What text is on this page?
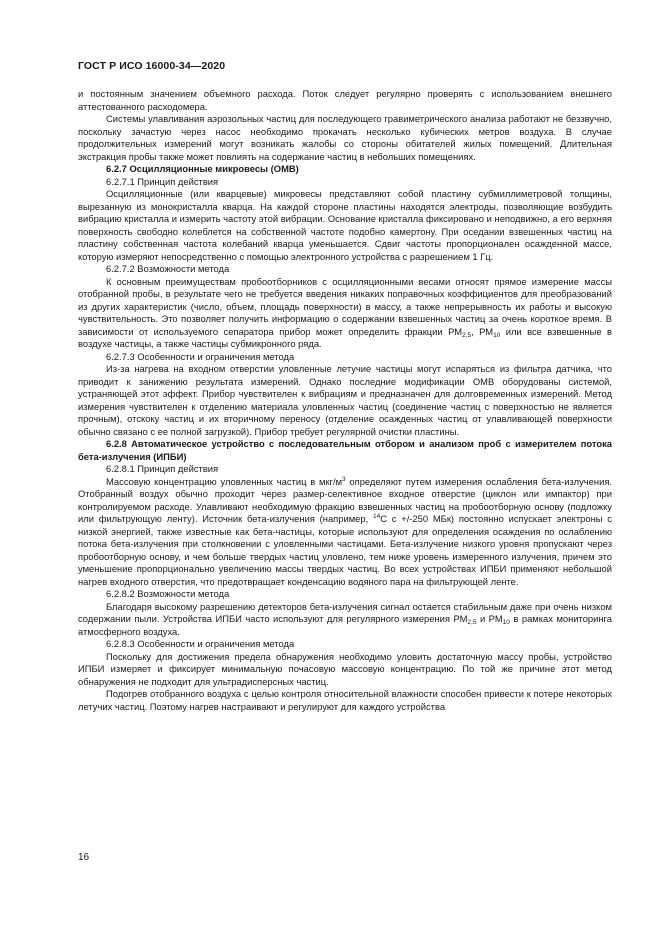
ГОСТ Р ИСО 16000-34—2020

и постоянным значением объемного расхода. Поток следует регулярно проверять с использованием внешнего аттестованного расходомера.

Системы улавливания аэрозольных частиц для последующего гравиметрического анализа работают не беззвучно, поскольку зачастую через насос необходимо прокачать несколько кубических метров воздуха. В случае продолжительных измерений могут возникать жалобы со стороны обитателей жилых помещений. Длительная экстракция пробы также может повлиять на содержание частиц в небольших помещениях.

6.2.7 Осцилляционные микровесы (ОМВ)

6.2.7.1 Принцип действия

Осцилляционные (или кварцевые) микровесы представляют собой пластину субмиллиметровой толщины, вырезанную из монокристалла кварца. На каждой стороне пластины находятся электроды, позволяющие возбудить вибрацию кристалла и измерить частоту этой вибрации. Основание кристалла фиксировано и неподвижно, а его верхняя поверхность свободно колеблется на собственной частоте подобно камертону. При оседании взвешенных частиц на пластину собственная частота колебаний кварца уменьшается. Сдвиг частоты пропорционален осажденной массе, которую измеряют непосредственно с помощью электронного устройства с разрешением 1 Гц.

6.2.7.2 Возможности метода

К основным преимуществам пробоотборников с осцилляционными весами относят прямое измерение массы отобранной пробы, в результате чего не требуется введения никаких поправочных коэффициентов для преобразований из других характеристик (число, объем, площадь поверхности) в массу, а также непрерывность их работы и высокую чувствительность. Это позволяет получить информацию о содержании взвешенных частиц за очень короткое время. В зависимости от используемого сепаратора прибор может определить фракции $РМ_{2,5}$, $РМ_{10}$ или все взвешенные в воздухе частицы, а также частицы субмикронного ряда.

6.2.7.3 Особенности и ограничения метода

Из-за нагрева на входном отверстии уловленные летучие частицы могут испаряться из фильтра датчика, что приводит к занижению результата измерений. Однако последние модификации ОМВ оборудованы системой, устраняющей этот эффект. Прибор чувствителен к вибрациям и предназначен для долговременных измерений. Метод измерения чувствителен к отделению материала уловленных частиц (соединение частиц с поверхностью не является прочным), отскоку частиц и их вторичному переносу (отделение осажденных частиц от улавливающей поверхности обычно связано с ее полной загрузкой). Прибор требует регулярной очистки пластины.

6.2.8 Автоматическое устройство с последовательным отбором и анализом проб с измерителем потока бета-излучения (ИПБИ)

6.2.8.1 Принцип действия

Массовую концентрацию уловленных частиц в мкг/$м^3$ определяют путем измерения ослабления бета-излучения. Отобранный воздух обычно проходит через размер-селективное входное отверстие (циклон или импактор) при контролируемом расходе. Улавливают необходимую фракцию взвешенных частиц на пробоотборную основу (подложку или фильтрующую ленту). Источник бета-излучения (например, $^{14}$С с +/-250 МБк) постоянно испускает электроны с низкой энергией, также известные как бета-частицы, которые используют для определения осаждения по ослаблению потока бета-излучения при столкновении с уловленными частицами. Бета-излучение низкого уровня пропускают через пробоотборную основу, и чем больше твердых частиц уловлено, тем ниже уровень измеренного излучения, причем это уменьшение пропорционально увеличению массы твердых частиц. Во всех устройствах ИПБИ применяют небольшой нагрев входного отверстия, что предотвращает конденсацию водяного пара на фильтрующей ленте.

6.2.8.2 Возможности метода

Благодаря высокому разрешению детекторов бета-излучения сигнал остается стабильным даже при очень низком содержании пыли. Устройства ИПБИ часто используют для регулярного измерения $РМ_{2,5}$ и $РМ_{10}$ в рамках мониторинга атмосферного воздуха.

6.2.8.3 Особенности и ограничения метода

Поскольку для достижения предела обнаружения необходимо уловить достаточную массу пробы, устройство ИПБИ измеряет и фиксирует минимальную почасовую массовую концентрацию. По той же причине этот метод обнаружения не подходит для ультрадисперсных частиц.

Подогрев отобранного воздуха с целью контроля относительной влажности способен привести к потере некоторых летучих частиц. Поэтому нагрев настраивают и регулируют для каждого устройства

16
